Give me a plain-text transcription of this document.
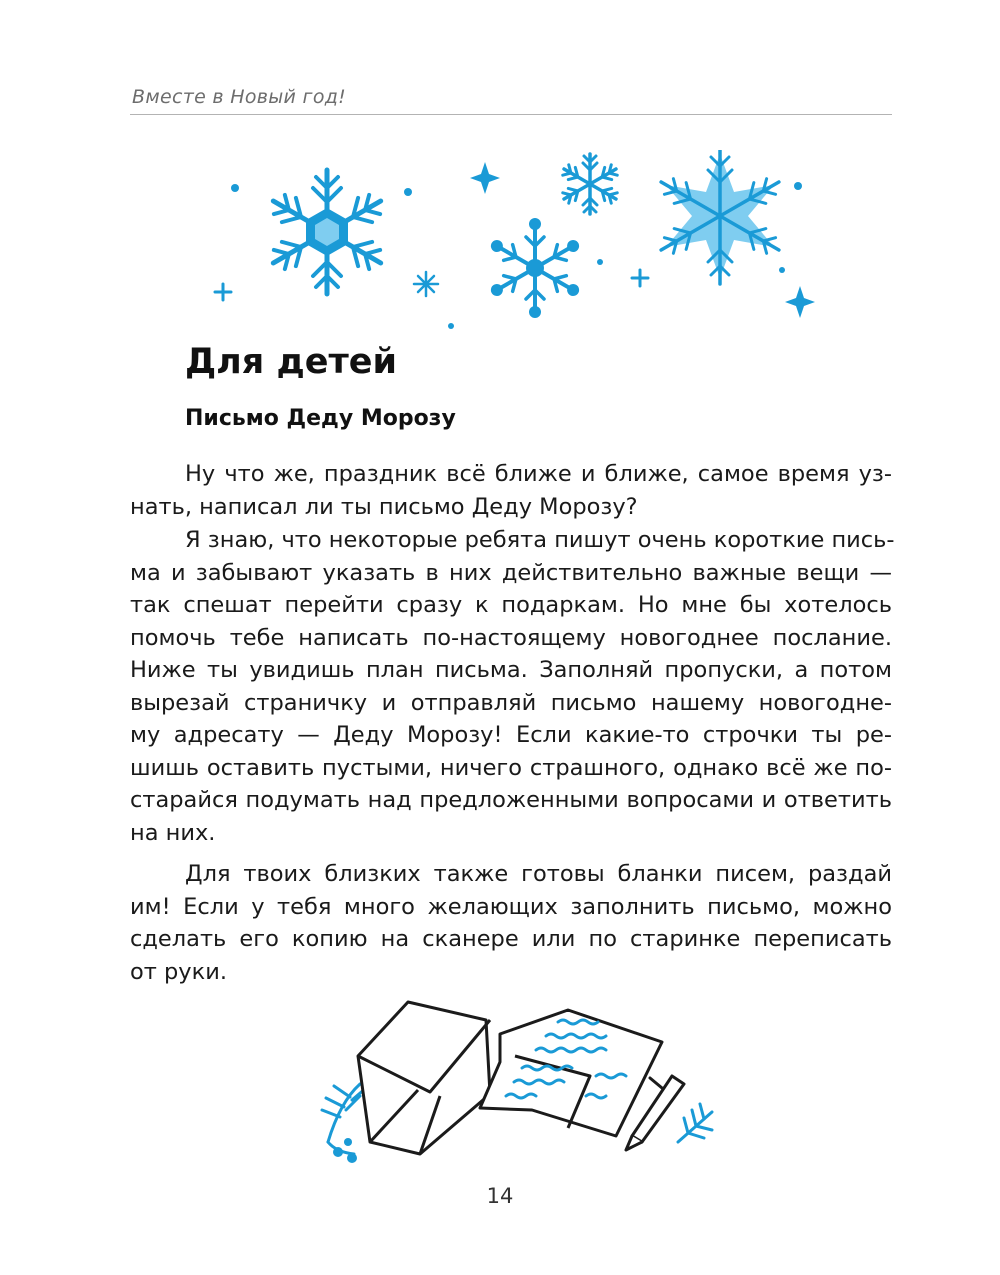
Вместе в Новый год!
Для детей
Письмо Деду Морозу
Ну что же, праздник всё ближе и ближе, самое время уз-
нать, написал ли ты письмо Деду Морозу?
Я знаю, что некоторые ребята пишут очень короткие пись-
ма и забывают указать в них действительно важные вещи —
так спешат перейти сразу к подаркам. Но мне бы хотелось
помочь тебе написать по-настоящему новогоднее послание.
Ниже ты увидишь план письма. Заполняй пропуски, а потом
вырезай страничку и отправляй письмо нашему новогодне-
му адресату — Деду Морозу! Если какие-то строчки ты ре-
шишь оставить пустыми, ничего страшного, однако всё же по-
старайся подумать над предложенными вопросами и ответить
на них.
Для твоих близких также готовы бланки писем, раздай
им! Если у тебя много желающих заполнить письмо, можно
сделать его копию на сканере или по старинке переписать
от руки.
14
